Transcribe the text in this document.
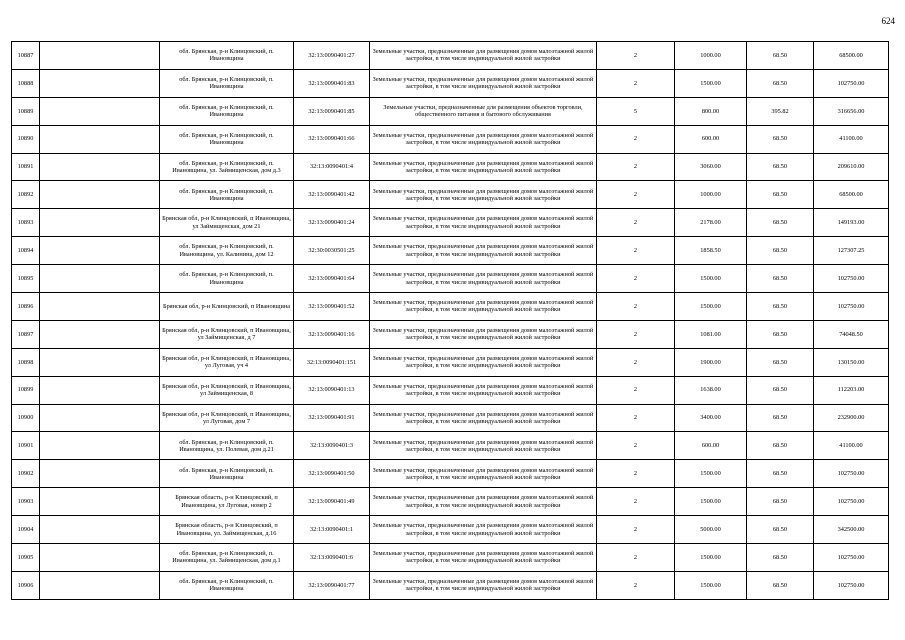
624
10887		обл. Брянская, р-н Клинцовский, п. Ивановщина	32:13:0090401:27	Земельные участки, предназначенные для размещения домов малоэтажной жилой застройки, в том числе индивидуальной жилой застройки	2	1000.00	68.50	68500.00
10888		обл. Брянская, р-н Клинцовский, п. Ивановщина	32:13:0090401:83	Земельные участки, предназначенные для размещения домов малоэтажной жилой застройки, в том числе индивидуальной жилой застройки	2	1500.00	68.50	102750.00
10889		обл. Брянская, р-н Клинцовский, п. Ивановщина	32:13:0090401:85	Земельные участки, предназначенные для размещения объектов торговли, общественного питания и бытового обслуживания	5	800.00	395.82	316656.00
10890		обл. Брянская, р-н Клинцовский, п. Ивановщина	32:13:0090401:66	Земельные участки, предназначенные для размещения домов малоэтажной жилой застройки, в том числе индивидуальной жилой застройки	2	600.00	68.50	41100.00
10891		обл. Брянская, р-н Клинцовский, п. Ивановщина, ул. Займищенская, дом д.3	32:13:0090401:4	Земельные участки, предназначенные для размещения домов малоэтажной жилой застройки, в том числе индивидуальной жилой застройки	2	3060.00	68.50	209610.00
10892		обл. Брянская, р-н Клинцовский, п. Ивановщина	32:13:0090401:42	Земельные участки, предназначенные для размещения домов малоэтажной жилой застройки, в том числе индивидуальной жилой застройки	2	1000.00	68.50	68500.00
10893		Брянская обл, р-н Клинцовский, п Ивановщина, ул Займищенская, дом 21	32:13:0090401:24	Земельные участки, предназначенные для размещения домов малоэтажной жилой застройки, в том числе индивидуальной жилой застройки	2	2178.00	68.50	149193.00
10894		обл. Брянская, р-н Клинцовский, п. Ивановщина, ул. Калинина, дом 12	32:30:0030501:25	Земельные участки, предназначенные для размещения домов малоэтажной жилой застройки, в том числе индивидуальной жилой застройки	2	1858.50	68.50	127307.25
10895		обл. Брянская, р-н Клинцовский, п. Ивановщина	32:13:0090401:64	Земельные участки, предназначенные для размещения домов малоэтажной жилой застройки, в том числе индивидуальной жилой застройки	2	1500.00	68.50	102750.00
10896		Брянская обл, р-н Клинцовский, п Ивановщина	32:13:0090401:52	Земельные участки, предназначенные для размещения домов малоэтажной жилой застройки, в том числе индивидуальной жилой застройки	2	1500.00	68.50	102750.00
10897		Брянская обл, р-н Клинцовский, п Ивановщина, ул Займищенская, д 7	32:13:0090401:16	Земельные участки, предназначенные для размещения домов малоэтажной жилой застройки, в том числе индивидуальной жилой застройки	2	1081.00	68.50	74048.50
10898		Брянская обл, р-н Клинцовский, п Ивановщина, ул Луговая, уч 4	32:13:0090401:151	Земельные участки, предназначенные для размещения домов малоэтажной жилой застройки, в том числе индивидуальной жилой застройки	2	1900.00	68.50	130150.00
10899		Брянская обл, р-н Клинцовский, п Ивановщина, ул Займищенская, 8	32:13:0090401:13	Земельные участки, предназначенные для размещения домов малоэтажной жилой застройки, в том числе индивидуальной жилой застройки	2	1638.00	68.50	112203.00
10900		Брянская обл, р-н Клинцовский, п Ивановщина, ул Луговая, дом 7	32:13:0090401:91	Земельные участки, предназначенные для размещения домов малоэтажной жилой застройки, в том числе индивидуальной жилой застройки	2	3400.00	68.50	232900.00
10901		обл. Брянская, р-н Клинцовский, п. Ивановщина, ул. Полевая, дом д.21	32:13:0090401:3	Земельные участки, предназначенные для размещения домов малоэтажной жилой застройки, в том числе индивидуальной жилой застройки	2	600.00	68.50	41100.00
10902		обл. Брянская, р-н Клинцовский, п. Ивановщина	32:13:0090401:50	Земельные участки, предназначенные для размещения домов малоэтажной жилой застройки, в том числе индивидуальной жилой застройки	2	1500.00	68.50	102750.00
10903		Брянская область, р-н Клинцовский, п Ивановщина, ул Луговая, номер 2	32:13:0090401:49	Земельные участки, предназначенные для размещения домов малоэтажной жилой застройки, в том числе индивидуальной жилой застройки	2	1500.00	68.50	102750.00
10904		Брянская область, р-н Клинцовский, п Ивановщина, ул. Займищенская, д.16	32:13:0090401:1	Земельные участки, предназначенные для размещения домов малоэтажной жилой застройки, в том числе индивидуальной жилой застройки	2	5000.00	68.50	342500.00
10905		обл. Брянская, р-н Клинцовский, п. Ивановщина, ул. Займищенская, дом д.1	32:13:0090401:6	Земельные участки, предназначенные для размещения домов малоэтажной жилой застройки, в том числе индивидуальной жилой застройки	2	1500.00	68.50	102750.00
10906		обл. Брянская, р-н Клинцовский, п. Ивановщина	32:13:0090401:77	Земельные участки, предназначенные для размещения домов малоэтажной жилой застройки, в том числе индивидуальной жилой застройки	2	1500.00	68.50	102750.00
